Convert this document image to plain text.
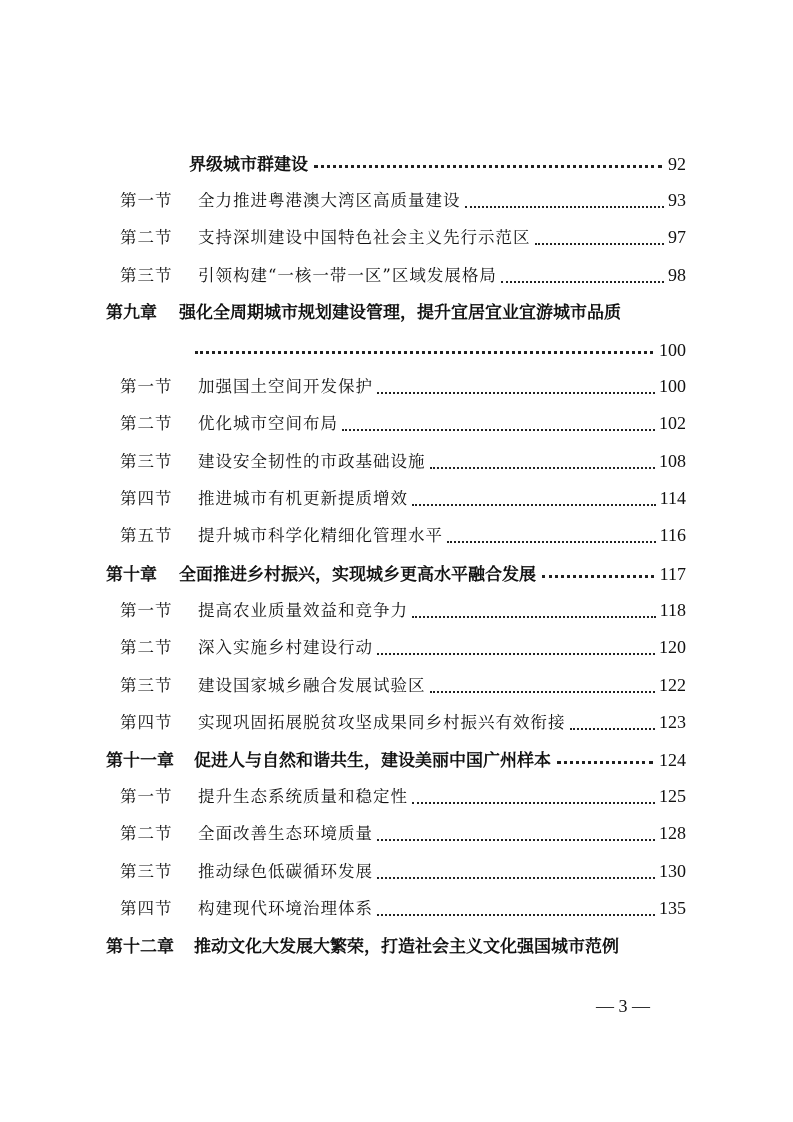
界级城市群建设	92
第一节	全力推进粤港澳大湾区高质量建设	93
第二节	支持深圳建设中国特色社会主义先行示范区	97
第三节	引领构建“一核一带一区”区域发展格局	98
第九章 强化全周期城市规划建设管理，提升宜居宜业宜游城市品质
100
第一节	加强国土空间开发保护	100
第二节	优化城市空间布局	102
第三节	建设安全韧性的市政基础设施	108
第四节	推进城市有机更新提质增效	114
第五节	提升城市科学化精细化管理水平	116
第十章 全面推进乡村振兴，实现城乡更高水平融合发展	117
第一节	提高农业质量效益和竞争力	118
第二节	深入实施乡村建设行动	120
第三节	建设国家城乡融合发展试验区	122
第四节	实现巩固拓展脱贫攻坚成果同乡村振兴有效衔接	123
第十一章 促进人与自然和谐共生，建设美丽中国广州样本	124
第一节	提升生态系统质量和稳定性	125
第二节	全面改善生态环境质量	128
第三节	推动绿色低碳循环发展	130
第四节	构建现代环境治理体系	135
第十二章 推动文化大发展大繁荣，打造社会主义文化强国城市范例
— 3 —
